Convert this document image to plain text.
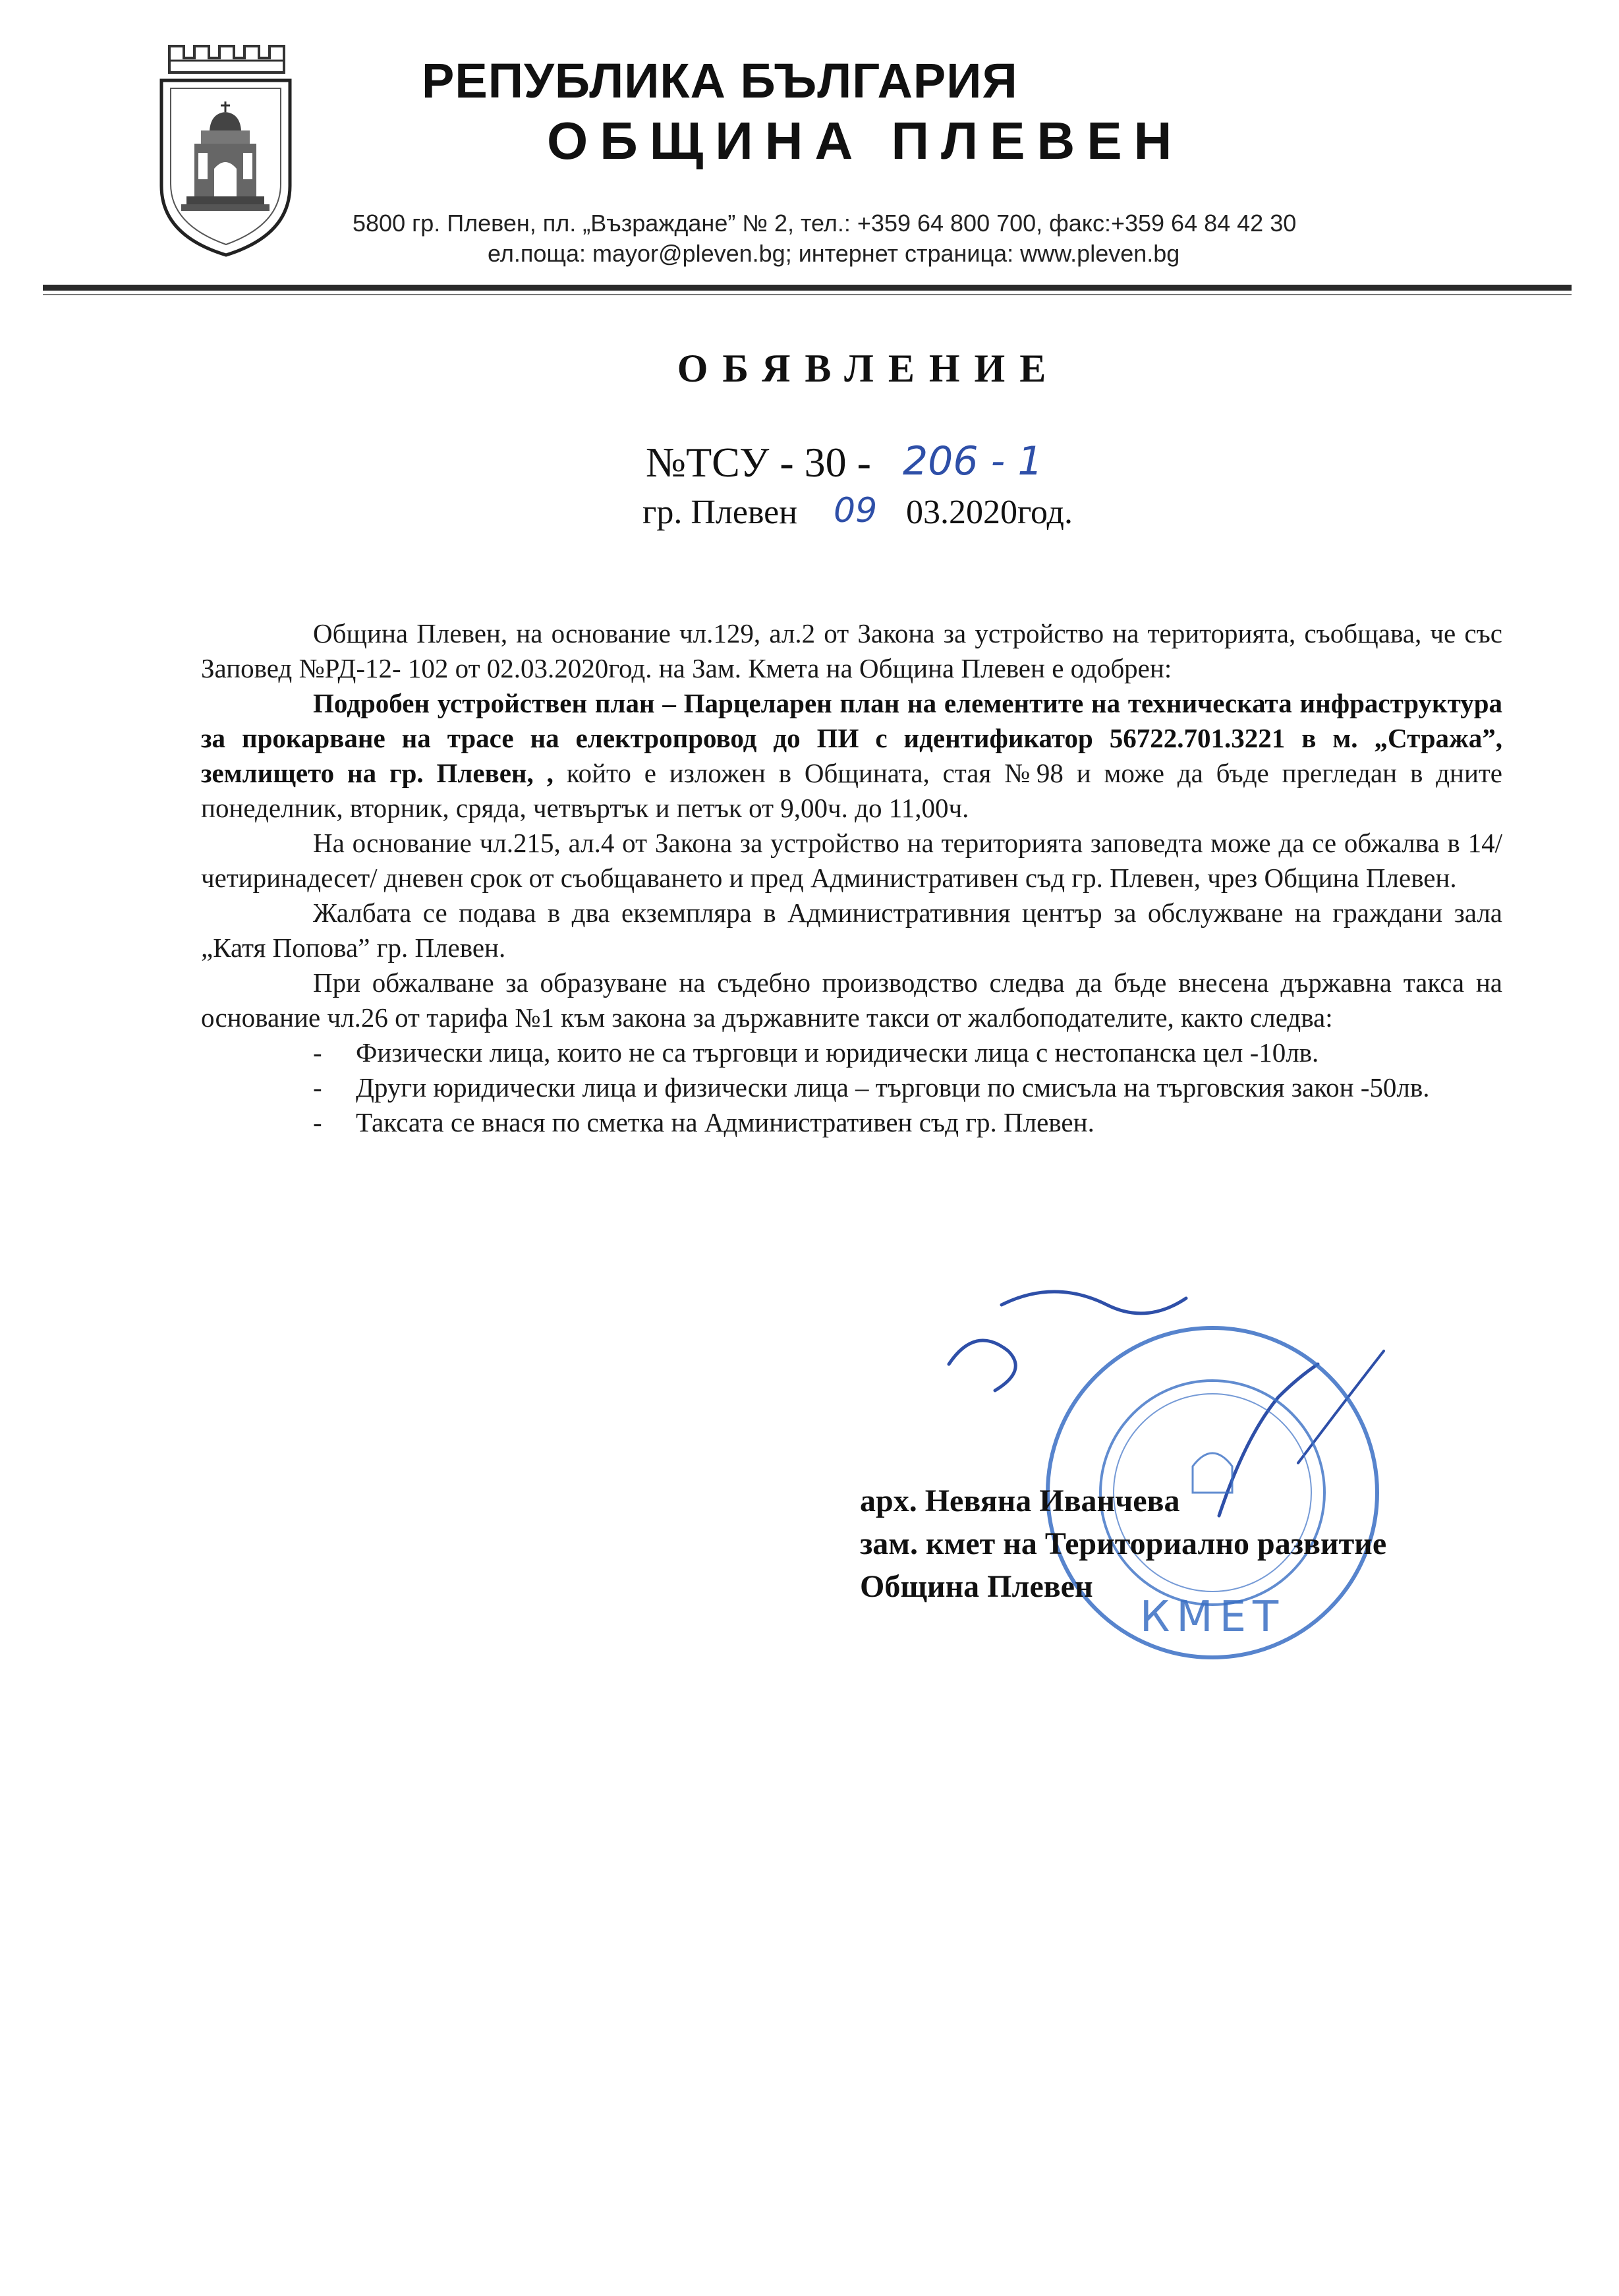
РЕПУБЛИКА БЪЛГАРИЯ
ОБЩИНА ПЛЕВЕН
5800 гр. Плевен, пл. „Възраждане” № 2, тел.: +359 64 800 700, факс:+359 64 84 42 30
ел.поща: mayor@pleven.bg; интернет страница: www.pleven.bg
ОБЯВЛЕНИЕ
№ТСУ - 30 - 206 - 1
гр. Плевен 09 03.2020год.

Община Плевен, на основание чл.129, ал.2 от Закона за устройство на територията, съобщава, че със Заповед №РД-12- 102 от 02.03.2020год. на Зам. Кмета на Община Плевен е одобрен:

Подробен устройствен план – Парцеларен план на елементите на техническата инфраструктура за прокарване на трасе на електропровод до ПИ с идентификатор 56722.701.3221 в м. „Стража”, землището на гр. Плевен, , който е изложен в Общината, стая №98 и може да бъде прегледан в дните понеделник, вторник, сряда, четвъртък и петък от 9,00ч. до 11,00ч.

На основание чл.215, ал.4 от Закона за устройство на територията заповедта може да се обжалва в 14/четиринадесет/ дневен срок от съобщаването и пред Административен съд гр. Плевен, чрез Община Плевен.

Жалбата се подава в два екземпляра в Административния център за обслужване на граждани зала „Катя Попова” гр. Плевен.

При обжалване за образуване на съдебно производство следва да бъде внесена държавна такса на основание чл.26 от тарифа №1 към закона за държавните такси от жалбоподателите, както следва:

- Физически лица, които не са търговци и юридически лица с нестопанска цел -10лв.
- Други юридически лица и физически лица – търговци по смисъла на търговския закон -50лв.
- Таксата се внася по сметка на Административен съд гр. Плевен.
КМЕТ
арх. Невяна Иванчева
зам. кмет на Териториално развитие
Община Плевен
